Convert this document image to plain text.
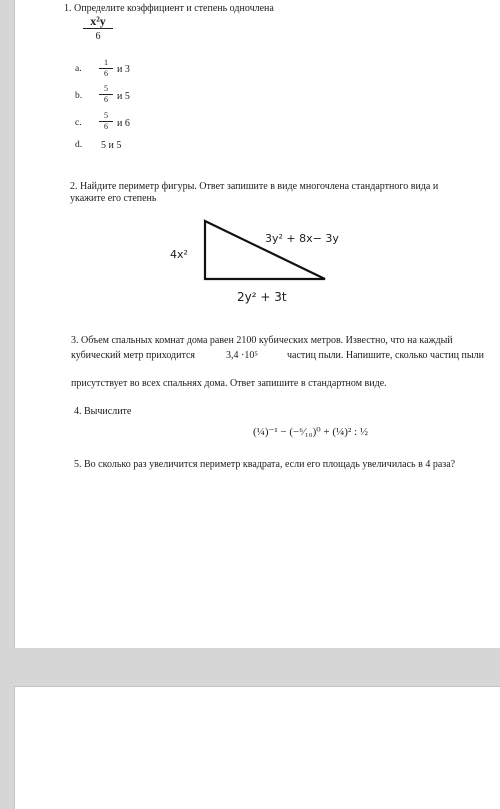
1. Определите коэффициент и степень одночлена
x²y
6
a. $\frac{1}{6}$ и 3
b. $\frac{5}{6}$ и 5
c. $\frac{5}{6}$ и 6
d. 5 и 5
2. Найдите периметр фигуры. Ответ запишите в виде многочлена стандартного вида и
укажите его степень
4x²
3y² + 8x− 3y
2y² + 3t
3. Объем спальных комнат дома равен 2100 кубических метров. Известно, что на каждый
кубический метр приходится	3,4 ·10⁵	частиц пыли. Напишите, сколько частиц пыли
присутствует во всех спальнях дома. Ответ запишите в стандартном виде.
4. Вычислите
(¼)⁻¹ − (−⁶⁄₁₀)⁰ + (¼)² : ½
5. Во сколько раз увеличится периметр квадрата, если его площадь увеличилась в 4 раза?
